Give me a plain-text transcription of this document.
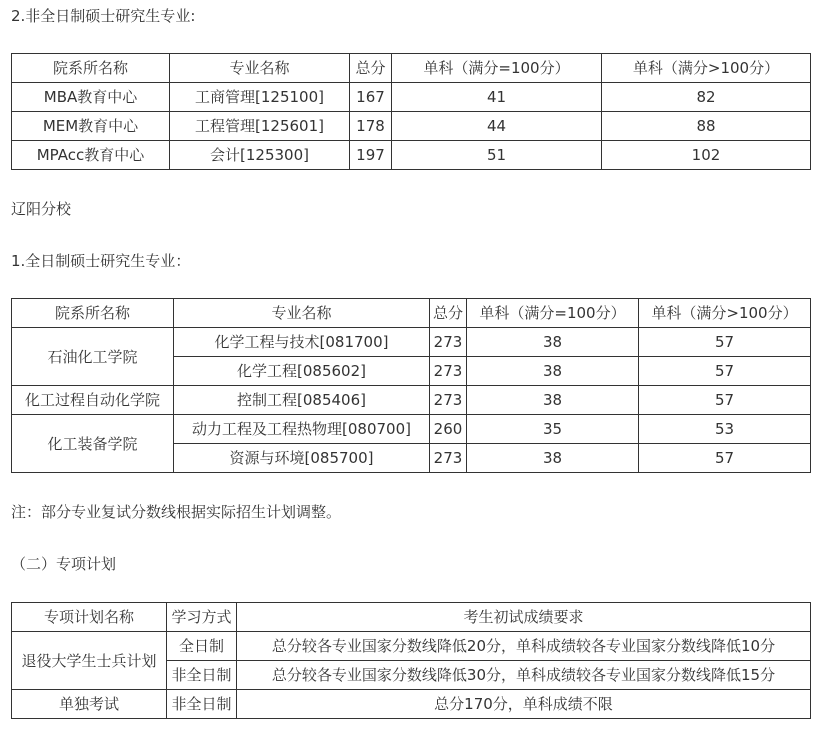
2.非全日制硕士研究生专业:

院系所名称	专业名称	总分	单科（满分=100分）	单科（满分>100分）
MBA教育中心	工商管理[125100]	167	41	82
MEM教育中心	工程管理[125601]	178	44	88
MPAcc教育中心	会计[125300]	197	51	102

辽阳分校

1.全日制硕士研究生专业：

院系所名称	专业名称	总分	单科（满分=100分）	单科（满分>100分）
石油化工学院	化学工程与技术[081700]	273	38	57
	化学工程[085602]	273	38	57
化工过程自动化学院	控制工程[085406]	273	38	57
化工装备学院	动力工程及工程热物理[080700]	260	35	53
	资源与环境[085700]	273	38	57

注：部分专业复试分数线根据实际招生计划调整。

（二）专项计划

专项计划名称	学习方式	考生初试成绩要求
退役大学生士兵计划	全日制	总分较各专业国家分数线降低20分，单科成绩较各专业国家分数线降低10分
	非全日制	总分较各专业国家分数线降低30分，单科成绩较各专业国家分数线降低15分
单独考试	非全日制	总分170分，单科成绩不限
